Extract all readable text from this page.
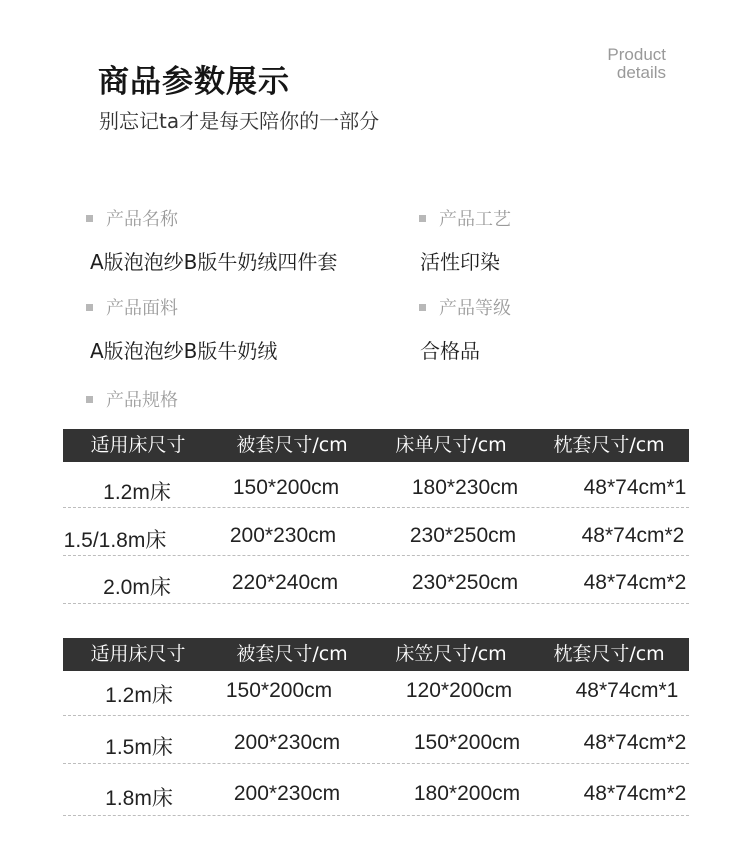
商品参数展示
别忘记ta才是每天陪你的一部分
Product
details
产品名称
A版泡泡纱B版牛奶绒四件套
产品工艺
活性印染
产品面料
A版泡泡纱B版牛奶绒
产品等级
合格品
产品规格
适用床尺寸	被套尺寸/cm	床单尺寸/cm	枕套尺寸/cm
1.2m床	150*200cm	180*230cm	48*74cm*1
1.5/1.8m床	200*230cm	230*250cm	48*74cm*2
2.0m床	220*240cm	230*250cm	48*74cm*2
适用床尺寸	被套尺寸/cm	床笠尺寸/cm	枕套尺寸/cm
1.2m床	150*200cm	120*200cm	48*74cm*1
1.5m床	200*230cm	150*200cm	48*74cm*2
1.8m床	200*230cm	180*200cm	48*74cm*2
